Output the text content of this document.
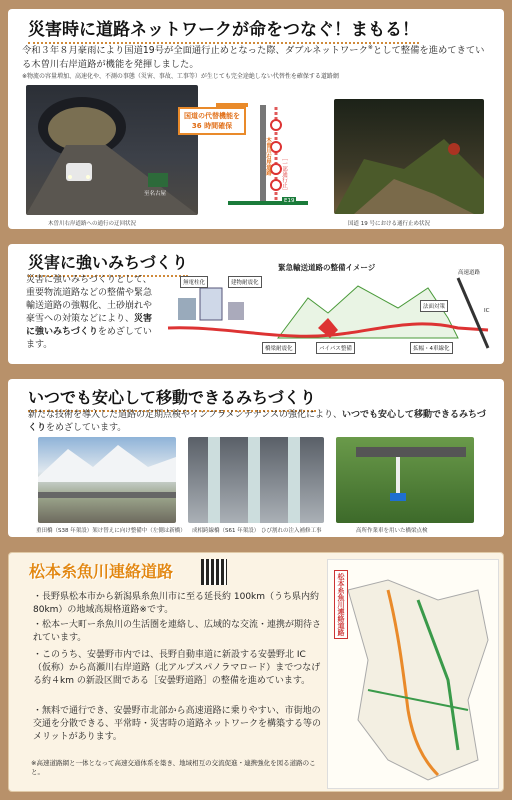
災害時に道路ネットワークが命をつなぐ！まもる！
令和３年８月豪雨により国道19号が全面通行止めとなった際、ダブルネットワーク※として整備を進めてきている木曽川右岸道路が機能を発揮しました。
※物流の容量増加、高速化や、不測の事態（災害、事故、工事等）が生じても完全途絶しない代替性を確保する道路網
至名古屋
国道の代替機能を
36 時間確保
木曽川右岸道路 ［一部通行止］
E19
木曽川右岸道路への通行の迂回状況	国道 19 号における通行止め状況
災害に強いみちづくり
災害に強いみちづくりとして、重要物流道路などの整備や緊急輸送道路の強靱化、土砂崩れや豪雪への対策などにより、災害に強いみちづくりをめざしています。
緊急輸送道路の整備イメージ
無電柱化	建物耐震化
法面対策
高速道路
IC
橋梁耐震化	バイパス整備	拡幅・4車線化
いつでも安心して移動できるみちづくり
新たな技術を導入した道路の定期点検やインフラメンテナンスの強化により、いつでも安心して移動できるみちづくりをめざしています。
重田橋（S38 年架設）架け替えに向け整備中（左側は新橋） 成相跨線橋（S61 年架設） ひび割れの注入補修工事	高所作業車を用いた橋梁点検
松本糸魚川連絡道路
・長野県松本市から新潟県糸魚川市に至る延長約 100km（うち県内約 80km）の地域高規格道路※です。
・松本ー大町ー糸魚川の生活圏を連絡し、広域的な交流・連携が期待されています。
・このうち、安曇野市内では、長野自動車道に新設する安曇野北 IC（仮称）から高瀬川右岸道路（北アルプスパノラマロード）までつなげる約４km の新設区間である［安曇野道路］の整備を進めています。
・無料で通行でき、安曇野市北部から高速道路に乗りやすい、市街地の交通を分散できる、平常時・災害時の道路ネットワークを構築する等のメリットがあります。
※高速道路網と一体となって高速交通体系を築き、地域相互の交流促進・連携強化を図る道路のこと。
松本糸魚川連絡道路
